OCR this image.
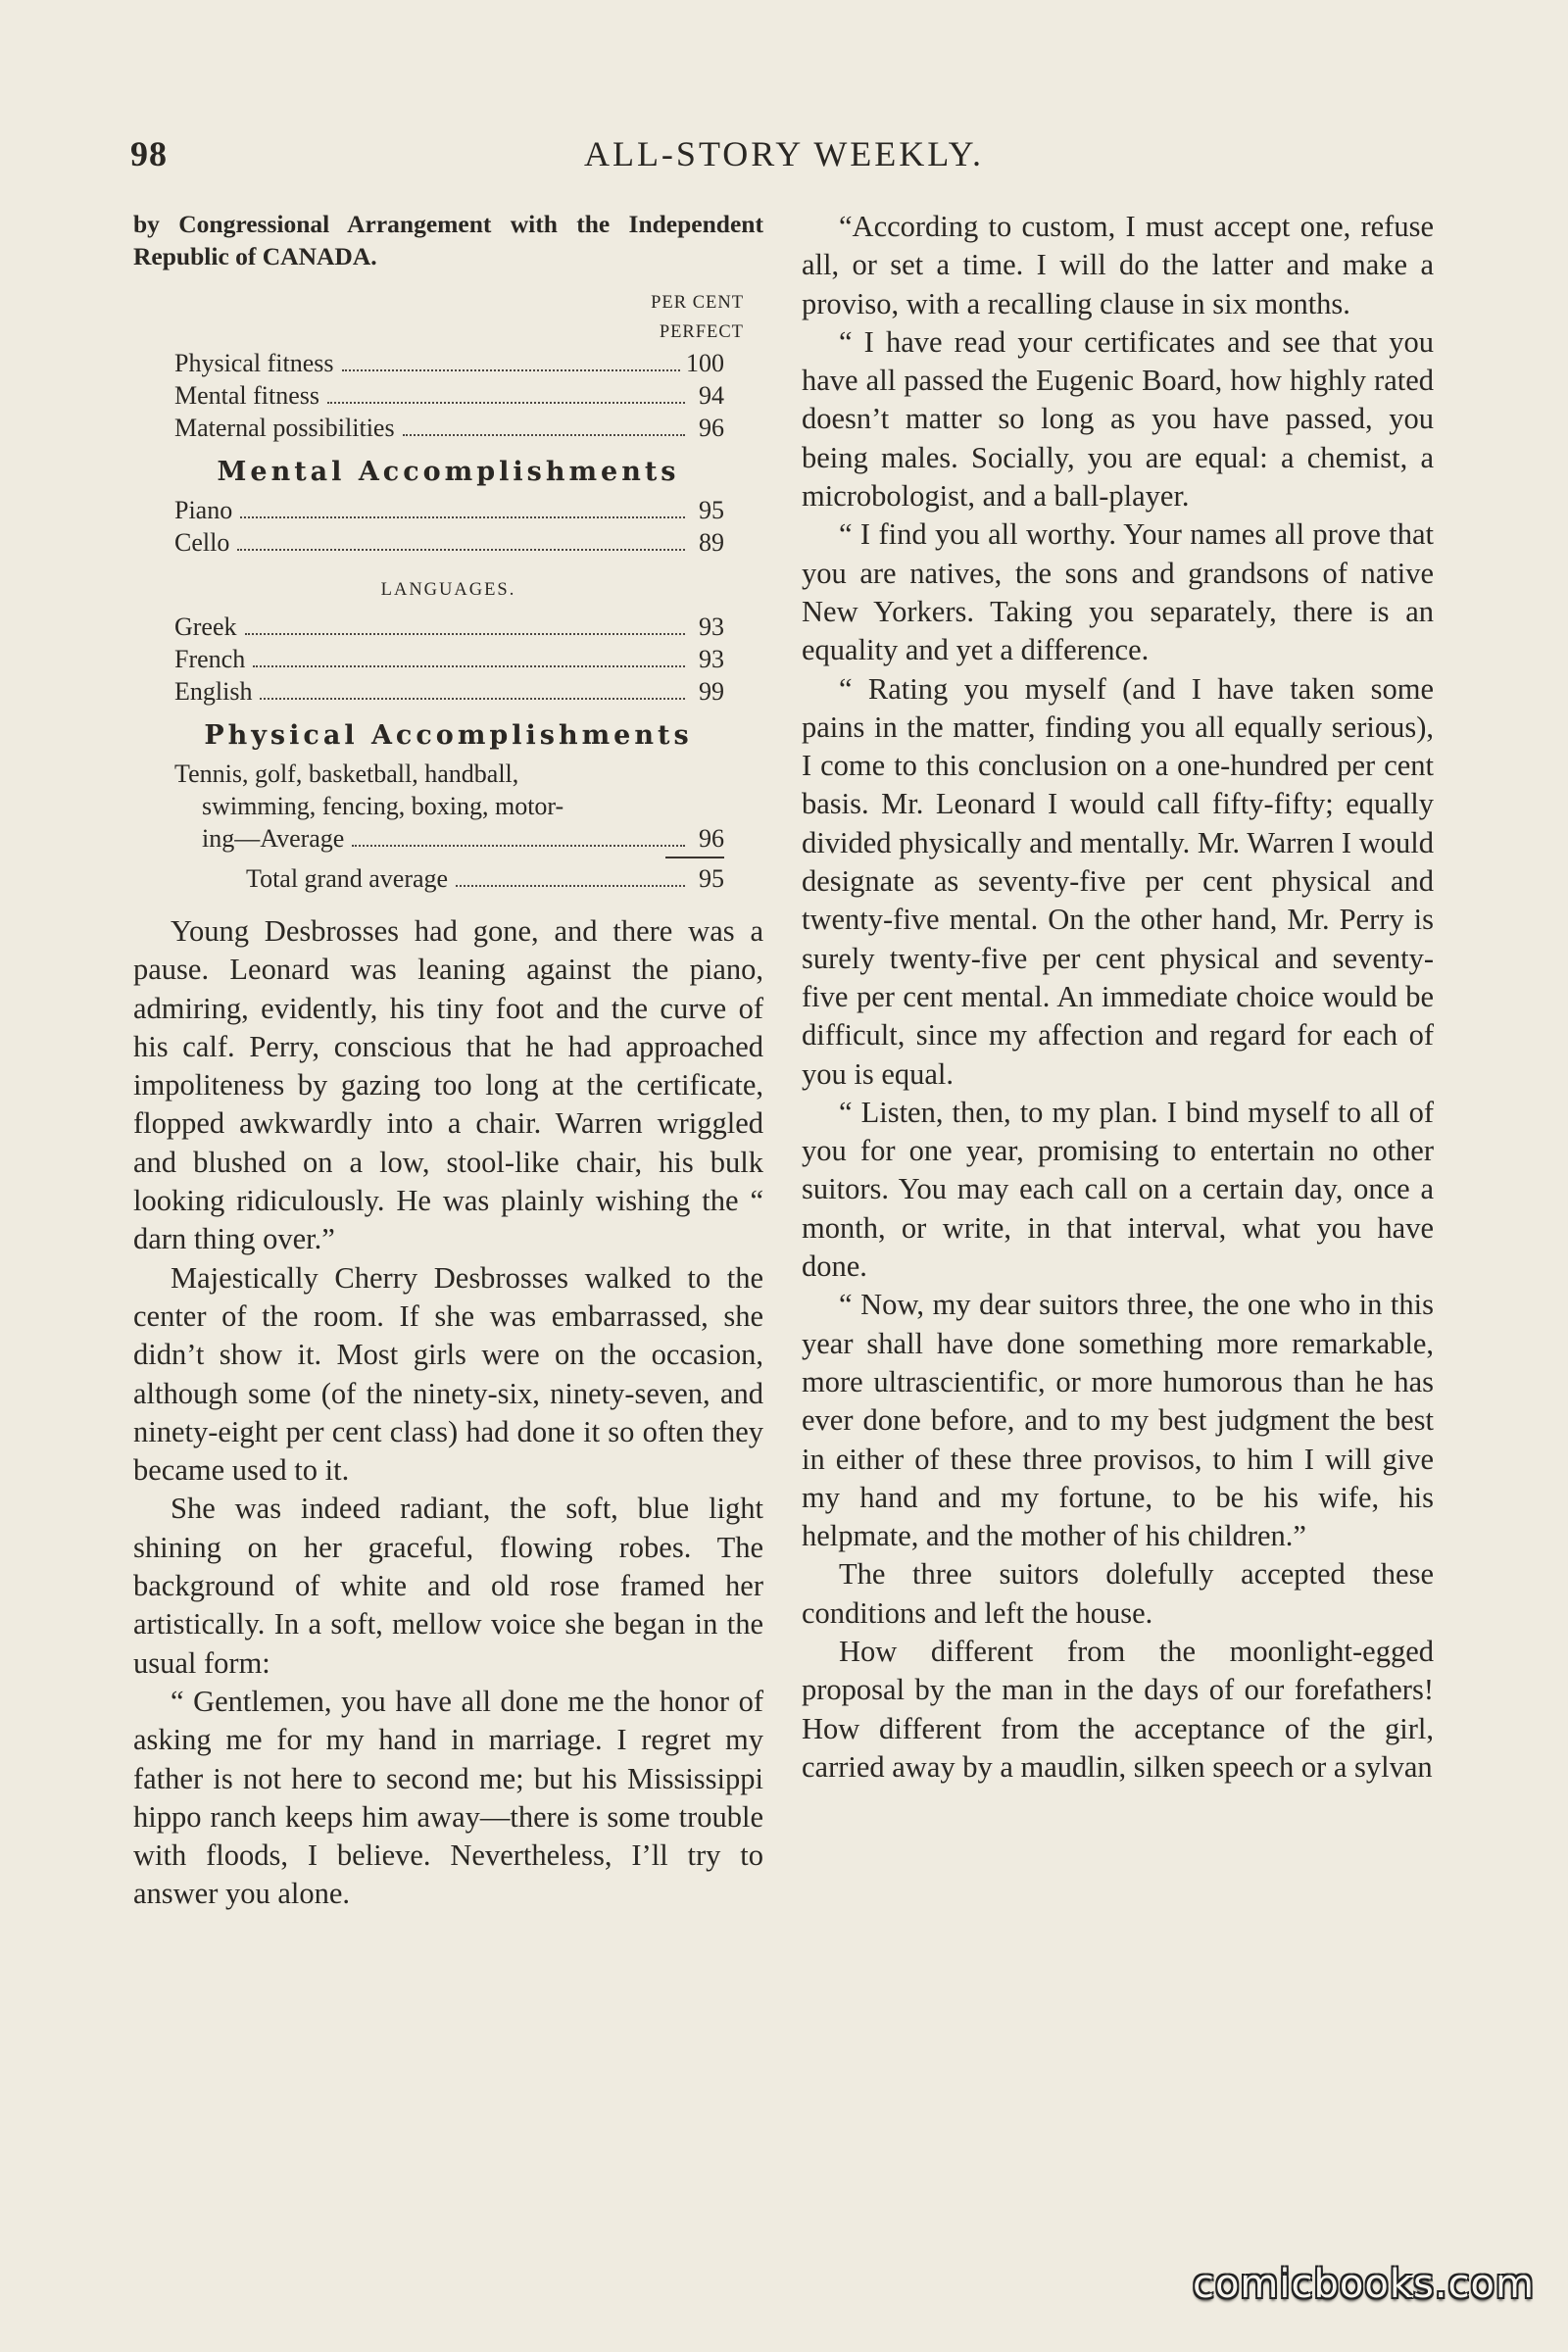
98	ALL-STORY WEEKLY.

by Congressional Arrangement with the Independent Republic of CANADA.

PER CENT
PERFECT
Physical fitness	100
Mental fitness	94
Maternal possibilities	96
Mental Accomplishments
Piano	95
Cello	89
LANGUAGES.
Greek	93
French	93
English	99
Physical Accomplishments
Tennis, golf, basketball, handball,
swimming, fencing, boxing, motor-
ing—Average	96
Total grand average	95

Young Desbrosses had gone, and there was a pause. Leonard was leaning against the piano, admiring, evidently, his tiny foot and the curve of his calf. Perry, conscious that he had approached impoliteness by gazing too long at the certificate, flopped awkwardly into a chair. Warren wriggled and blushed on a low, stool-like chair, his bulk looking ridiculously. He was plainly wishing the “ darn thing over.”

Majestically Cherry Desbrosses walked to the center of the room. If she was embarrassed, she didn’t show it. Most girls were on the occasion, although some (of the ninety-six, ninety-seven, and ninety-eight per cent class) had done it so often they became used to it.

She was indeed radiant, the soft, blue light shining on her graceful, flowing robes. The background of white and old rose framed her artistically. In a soft, mellow voice she began in the usual form:

“ Gentlemen, you have all done me the honor of asking me for my hand in marriage. I regret my father is not here to second me; but his Mississippi hippo ranch keeps him away—there is some trouble with floods, I believe. Nevertheless, I’ll try to answer you alone.

“According to custom, I must accept one, refuse all, or set a time. I will do the latter and make a proviso, with a recalling clause in six months.

“ I have read your certificates and see that you have all passed the Eugenic Board, how highly rated doesn’t matter so long as you have passed, you being males. Socially, you are equal: a chemist, a microbologist, and a ball-player.

“ I find you all worthy. Your names all prove that you are natives, the sons and grandsons of native New Yorkers. Taking you separately, there is an equality and yet a difference.

“ Rating you myself (and I have taken some pains in the matter, finding you all equally serious), I come to this conclusion on a one-hundred per cent basis. Mr. Leonard I would call fifty-fifty; equally divided physically and mentally. Mr. Warren I would designate as seventy-five per cent physical and twenty-five mental. On the other hand, Mr. Perry is surely twenty-five per cent physical and seventy-five per cent mental. An immediate choice would be difficult, since my affection and regard for each of you is equal.

“ Listen, then, to my plan. I bind myself to all of you for one year, promising to entertain no other suitors. You may each call on a certain day, once a month, or write, in that interval, what you have done.

“ Now, my dear suitors three, the one who in this year shall have done something more remarkable, more ultrascientific, or more humorous than he has ever done before, and to my best judgment the best in either of these three provisos, to him I will give my hand and my fortune, to be his wife, his helpmate, and the mother of his children.”

The three suitors dolefully accepted these conditions and left the house.

How different from the moonlight-egged proposal by the man in the days of our forefathers! How different from the acceptance of the girl, carried away by a maudlin, silken speech or a sylvan

comicbooks.com
